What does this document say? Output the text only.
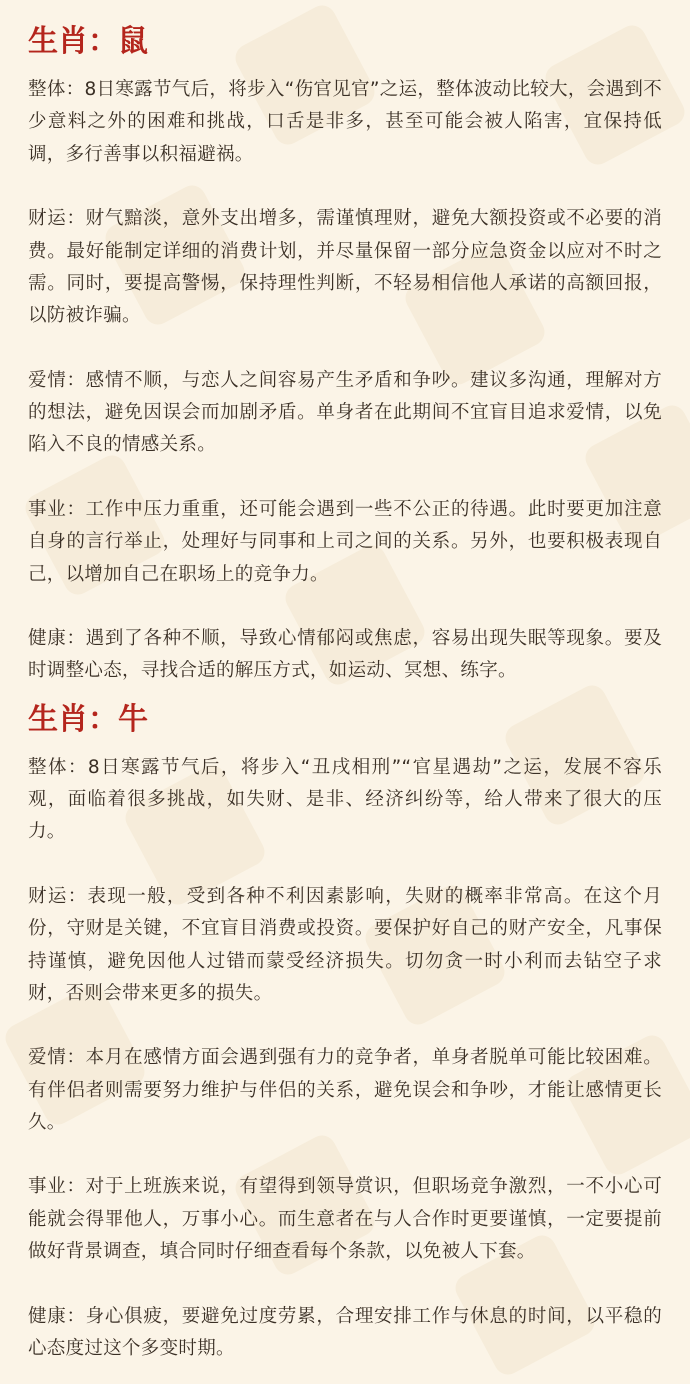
生肖：鼠

整体：8日寒露节气后，将步入“伤官见官”之运，整体波动比较大，会遇到不少意料之外的困难和挑战，口舌是非多，甚至可能会被人陷害，宜保持低调，多行善事以积福避祸。

财运：财气黯淡，意外支出增多，需谨慎理财，避免大额投资或不必要的消费。最好能制定详细的消费计划，并尽量保留一部分应急资金以应对不时之需。同时，要提高警惕，保持理性判断，不轻易相信他人承诺的高额回报，以防被诈骗。

爱情：感情不顺，与恋人之间容易产生矛盾和争吵。建议多沟通，理解对方的想法，避免因误会而加剧矛盾。单身者在此期间不宜盲目追求爱情，以免陷入不良的情感关系。

事业：工作中压力重重，还可能会遇到一些不公正的待遇。此时要更加注意自身的言行举止，处理好与同事和上司之间的关系。另外，也要积极表现自己，以增加自己在职场上的竞争力。

健康：遇到了各种不顺，导致心情郁闷或焦虑，容易出现失眠等现象。要及时调整心态，寻找合适的解压方式，如运动、冥想、练字。

生肖：牛

整体：8日寒露节气后，将步入“丑戌相刑”“官星遇劫”之运，发展不容乐观，面临着很多挑战，如失财、是非、经济纠纷等，给人带来了很大的压力。

财运：表现一般，受到各种不利因素影响，失财的概率非常高。在这个月份，守财是关键，不宜盲目消费或投资。要保护好自己的财产安全，凡事保持谨慎，避免因他人过错而蒙受经济损失。切勿贪一时小利而去钻空子求财，否则会带来更多的损失。

爱情：本月在感情方面会遇到强有力的竞争者，单身者脱单可能比较困难。有伴侣者则需要努力维护与伴侣的关系，避免误会和争吵，才能让感情更长久。

事业：对于上班族来说，有望得到领导赏识，但职场竞争激烈，一不小心可能就会得罪他人，万事小心。而生意者在与人合作时更要谨慎，一定要提前做好背景调查，填合同时仔细查看每个条款，以免被人下套。

健康：身心俱疲，要避免过度劳累，合理安排工作与休息的时间，以平稳的心态度过这个多变时期。
